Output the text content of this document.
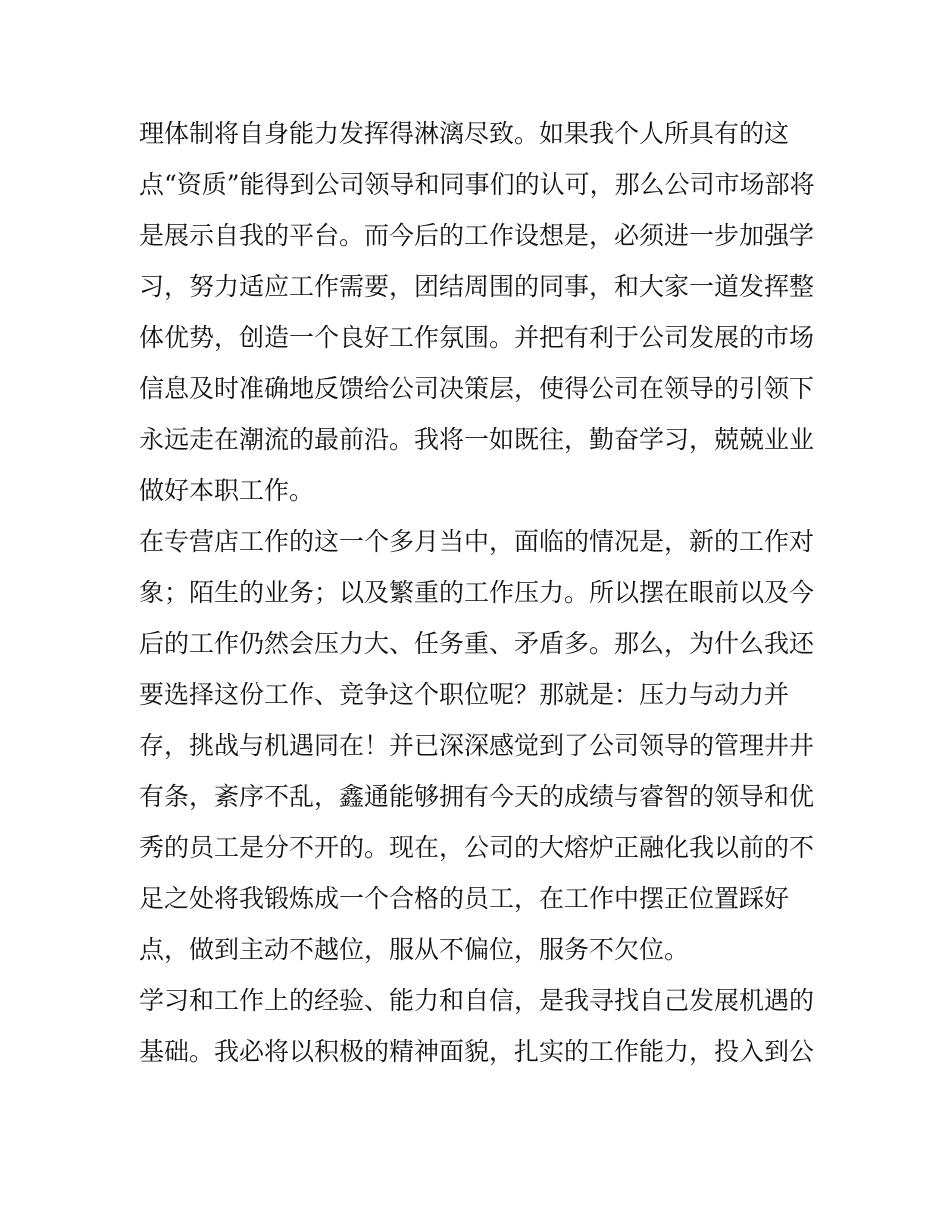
理体制将自身能力发挥得淋漓尽致。如果我个人所具有的这
点“资质”能得到公司领导和同事们的认可，那么公司市场部将
是展示自我的平台。而今后的工作设想是，必须进一步加强学
习，努力适应工作需要，团结周围的同事，和大家一道发挥整
体优势，创造一个良好工作氛围。并把有利于公司发展的市场
信息及时准确地反馈给公司决策层，使得公司在领导的引领下
永远走在潮流的最前沿。我将一如既往，勤奋学习，兢兢业业
做好本职工作。
在专营店工作的这一个多月当中，面临的情况是，新的工作对
象；陌生的业务；以及繁重的工作压力。所以摆在眼前以及今
后的工作仍然会压力大、任务重、矛盾多。那么，为什么我还
要选择这份工作、竞争这个职位呢？那就是：压力与动力并
存，挑战与机遇同在！并已深深感觉到了公司领导的管理井井
有条，紊序不乱，鑫通能够拥有今天的成绩与睿智的领导和优
秀的员工是分不开的。现在，公司的大熔炉正融化我以前的不
足之处将我锻炼成一个合格的员工，在工作中摆正位置踩好
点，做到主动不越位，服从不偏位，服务不欠位。
学习和工作上的经验、能力和自信，是我寻找自己发展机遇的
基础。我必将以积极的精神面貌，扎实的工作能力，投入到公
